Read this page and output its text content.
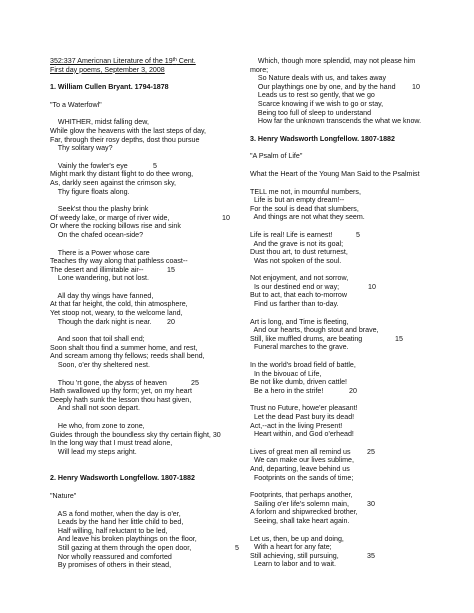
352:337 Americnan Literature of the 19th Cent.
First day poems, September 3, 2008
1. William Cullen Bryant. 1794-1878
"To a Waterfowl"
WHITHER, midst falling dew,
While glow the heavens with the last steps of day,
Far, through their rosy depths, dost thou pursue
Thy solitary way?
Vainly the fowler's eye	5
Might mark thy distant flight to do thee wrong,
As, darkly seen against the crimson sky,
Thy figure floats along.
Seek'st thou the plashy brink
Of weedy lake, or marge of river wide,	10
Or where the rocking billows rise and sink
On the chafed ocean-side?
There is a Power whose care
Teaches thy way along that pathless coast--
The desert and illimitable air--	15
Lone wandering, but not lost.
All day thy wings have fanned,
At that far height, the cold, thin atmosphere,
Yet stoop not, weary, to the welcome land,
Though the dark night is near. 20
And soon that toil shall end;
Soon shalt thou find a summer home, and rest,
And scream among thy fellows; reeds shall bend,
Soon, o'er thy sheltered nest.
Thou 'rt gone, the abyss of heaven	25
Hath swallowed up thy form; yet, on my heart
Deeply hath sunk the lesson thou hast given,
And shall not soon depart.
He who, from zone to zone,
Guides through the boundless sky thy certain flight, 30
In the long way that I must tread alone,
Will lead my steps aright.
2. Henry Wadsworth Longfellow. 1807-1882
"Nature"
AS a fond mother, when the day is o'er,
Leads by the hand her little child to bed,
Half willing, half reluctant to be led,
And leave his broken playthings on the floor,
Still gazing at them through the open door,	5
Nor wholly reassured and comforted
By promises of others in their stead,
Which, though more splendid, may not please him
more;
So Nature deals with us, and takes away
Our playthings one by one, and by the hand 10
Leads us to rest so gently, that we go
Scarce knowing if we wish to go or stay,
Being too full of sleep to understand
How far the unknown transcends the what we know.
3. Henry Wadsworth Longfellow. 1807-1882
"A Psalm of Life"
What the Heart of the Young Man Said to the Psalmist
TELL me not, in mournful numbers,
Life is but an empty dream!--
For the soul is dead that slumbers,
And things are not what they seem.
Life is real! Life is earnest!	5
And the grave is not its goal;
Dust thou art, to dust returnest,
Was not spoken of the soul.
Not enjoyment, and not sorrow,
Is our destined end or way;	10
But to act, that each to-morrow
Find us farther than to-day.
Art is long, and Time is fleeting,
And our hearts, though stout and brave,
Still, like muffled drums, are beating	15
Funeral marches to the grave.
In the world's broad field of battle,
In the bivouac of Life,
Be not like dumb, driven cattle!
Be a hero in the strife!	20
Trust no Future, howe'er pleasant!
Let the dead Past bury its dead!
Act,--act in the living Present!
Heart within, and God o'erhead!
Lives of great men all remind us 25
We can make our lives sublime,
And, departing, leave behind us
Footprints on the sands of time;
Footprints, that perhaps another,
Sailing o'er life's solemn main,	30
A forlorn and shipwrecked brother,
Seeing, shall take heart again.
Let us, then, be up and doing,
With a heart for any fate;
Still achieving, still pursuing,	35
Learn to labor and to wait.
